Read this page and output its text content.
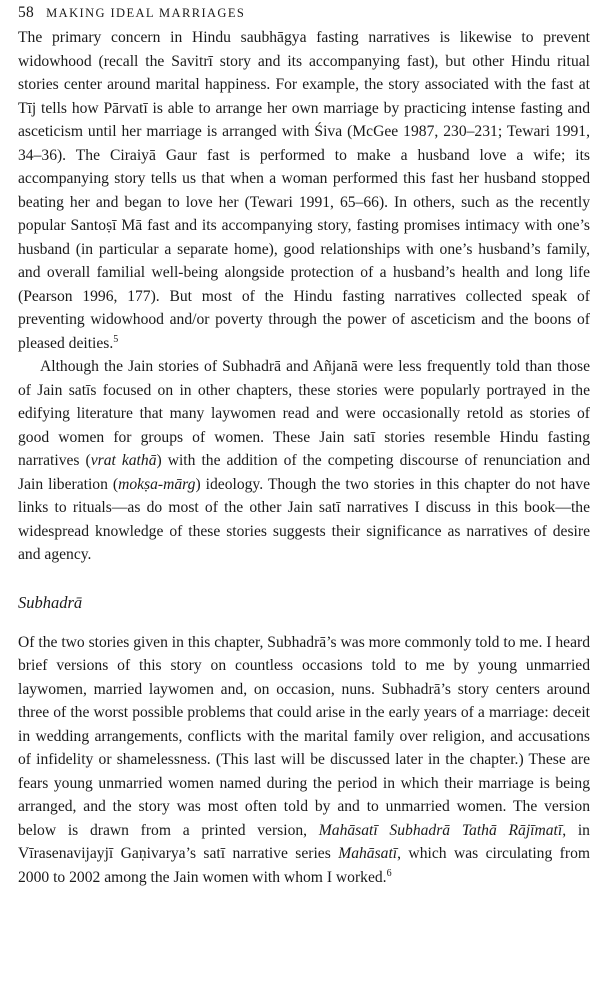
58 MAKING IDEAL MARRIAGES

The primary concern in Hindu saubhāgya fasting narratives is likewise to prevent widowhood (recall the Savitrī story and its accompanying fast), but other Hindu ritual stories center around marital happiness. For example, the story associated with the fast at Tīj tells how Pārvatī is able to arrange her own marriage by practicing intense fasting and asceticism until her marriage is arranged with Śiva (McGee 1987, 230–231; Tewari 1991, 34–36). The Ciraiyā Gaur fast is performed to make a husband love a wife; its accompanying story tells us that when a woman performed this fast her husband stopped beating her and began to love her (Tewari 1991, 65–66). In others, such as the recently popular Santoṣī Mā fast and its accompanying story, fasting promises intimacy with one’s husband (in particular a separate home), good relationships with one’s husband’s family, and overall familial well-being alongside protection of a husband’s health and long life (Pearson 1996, 177). But most of the Hindu fasting narratives collected speak of preventing widowhood and/or poverty through the power of asceticism and the boons of pleased deities.$^5$

Although the Jain stories of Subhadrā and Añjanā were less frequently told than those of Jain satīs focused on in other chapters, these stories were popularly portrayed in the edifying literature that many laywomen read and were occasionally retold as stories of good women for groups of women. These Jain satī stories resemble Hindu fasting narratives (vrat kathā) with the addition of the competing discourse of renunciation and Jain liberation (mokṣa-mārg) ideology. Though the two stories in this chapter do not have links to rituals—as do most of the other Jain satī narratives I discuss in this book—the widespread knowledge of these stories suggests their significance as narratives of desire and agency.

Subhadrā

Of the two stories given in this chapter, Subhadrā’s was more commonly told to me. I heard brief versions of this story on countless occasions told to me by young unmarried laywomen, married laywomen and, on occasion, nuns. Subhadrā’s story centers around three of the worst possible problems that could arise in the early years of a marriage: deceit in wedding arrangements, conflicts with the marital family over religion, and accusations of infidelity or shamelessness. (This last will be discussed later in the chapter.) These are fears young unmarried women named during the period in which their marriage is being arranged, and the story was most often told by and to unmarried women. The version below is drawn from a printed version, Mahāsatī Subhadrā Tathā Rājīmatī, in Vīrasenavijayjī Gaṇivarya’s satī narrative series Mahāsatī, which was circulating from 2000 to 2002 among the Jain women with whom I worked.$^6$
